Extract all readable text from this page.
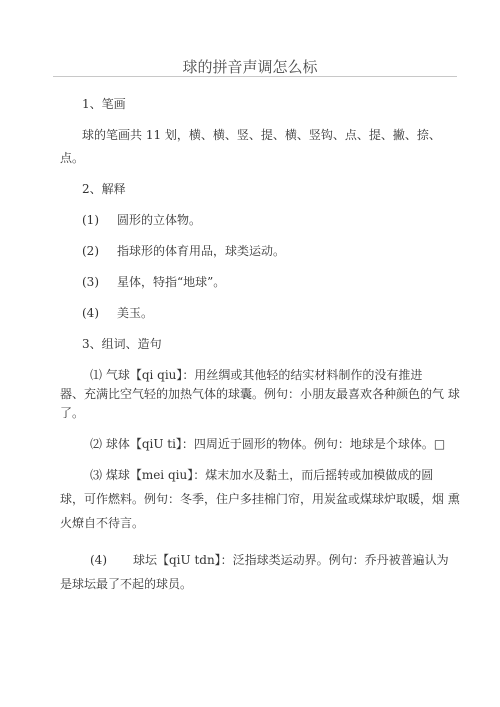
球的拼音声调怎么标
1、笔画
球的笔画共 11 划，横、横、竖、提、横、竖钩、点、提、撇、捺、
点。
2、解释
(1) 圆形的立体物。
(2) 指球形的体育用品，球类运动。
(3) 星体，特指“地球”。
(4) 美玉。
3、组词、造句
⑴ 气球【qi qiu】：用丝绸或其他轻的结实材料制作的没有推进
器、充满比空气轻的加热气体的球囊。例句：小朋友最喜欢各种颜色的气 球
了。
⑵ 球体【qiU ti】：四周近于圆形的物体。例句：地球是个球体。□
⑶ 煤球【mei qiu】：煤末加水及黏土，而后摇转或加模做成的圆
球，可作燃料。例句：冬季，住户多挂棉门帘，用炭盆或煤球炉取暖，烟 熏
火燎自不待言。
(4) 球坛【qiU tdn】：泛指球类运动界。例句：乔丹被普遍认为
是球坛最了不起的球员。
